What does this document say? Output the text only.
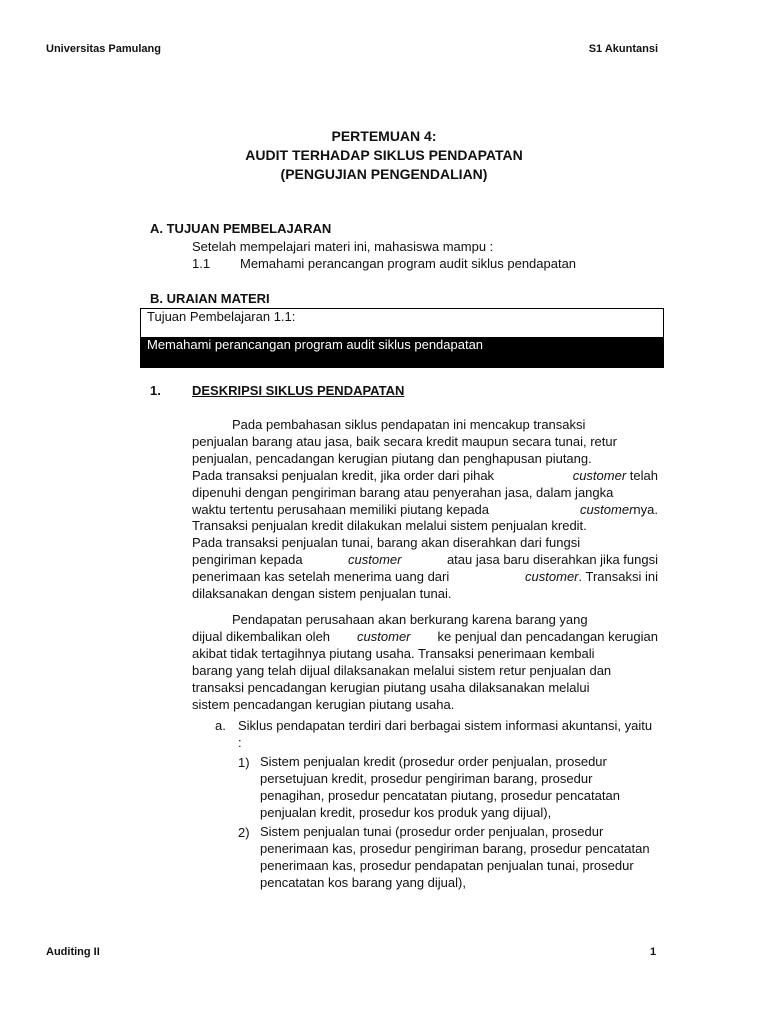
Universitas Pamulang	S1 Akuntansi
PERTEMUAN 4:
AUDIT TERHADAP SIKLUS PENDAPATAN
(PENGUJIAN PENGENDALIAN)
A. TUJUAN PEMBELAJARAN
Setelah mempelajari materi ini, mahasiswa mampu :
1.1 Memahami perancangan program audit siklus pendapatan
B. URAIAN MATERI
Tujuan Pembelajaran 1.1:
Memahami perancangan program audit siklus pendapatan
1. DESKRIPSI SIKLUS PENDAPATAN
Pada pembahasan siklus pendapatan ini mencakup transaksi
penjualan barang atau jasa, baik secara kredit maupun secara tunai, retur
penjualan, pencadangan kerugian piutang dan penghapusan piutang.
Pada transaksi penjualan kredit, jika order dari pihak	customer telah
dipenuhi dengan pengiriman barang atau penyerahan jasa, dalam jangka
waktu tertentu perusahaan memiliki piutang kepada	customernya.
Transaksi penjualan kredit dilakukan melalui sistem penjualan kredit.
Pada transaksi penjualan tunai, barang akan diserahkan dari fungsi
pengiriman kepada	customer	atau jasa baru diserahkan jika fungsi
penerimaan kas setelah menerima uang dari	customer. Transaksi ini
dilaksanakan dengan sistem penjualan tunai.
Pendapatan perusahaan akan berkurang karena barang yang
dijual dikembalikan oleh customer ke penjual dan pencadangan kerugian
akibat tidak tertagihnya piutang usaha. Transaksi penerimaan kembali
barang yang telah dijual dilaksanakan melalui sistem retur penjualan dan
transaksi pencadangan kerugian piutang usaha dilaksanakan melalui
sistem pencadangan kerugian piutang usaha.
a. Siklus pendapatan terdiri dari berbagai sistem informasi akuntansi, yaitu :
1) Sistem penjualan kredit (prosedur order penjualan, prosedur persetujuan kredit, prosedur pengiriman barang, prosedur penagihan, prosedur pencatatan piutang, prosedur pencatatan penjualan kredit, prosedur kos produk yang dijual),
2) Sistem penjualan tunai (prosedur order penjualan, prosedur penerimaan kas, prosedur pengiriman barang, prosedur pencatatan penerimaan kas, prosedur pendapatan penjualan tunai, prosedur pencatatan kos barang yang dijual),
Auditing II	1
